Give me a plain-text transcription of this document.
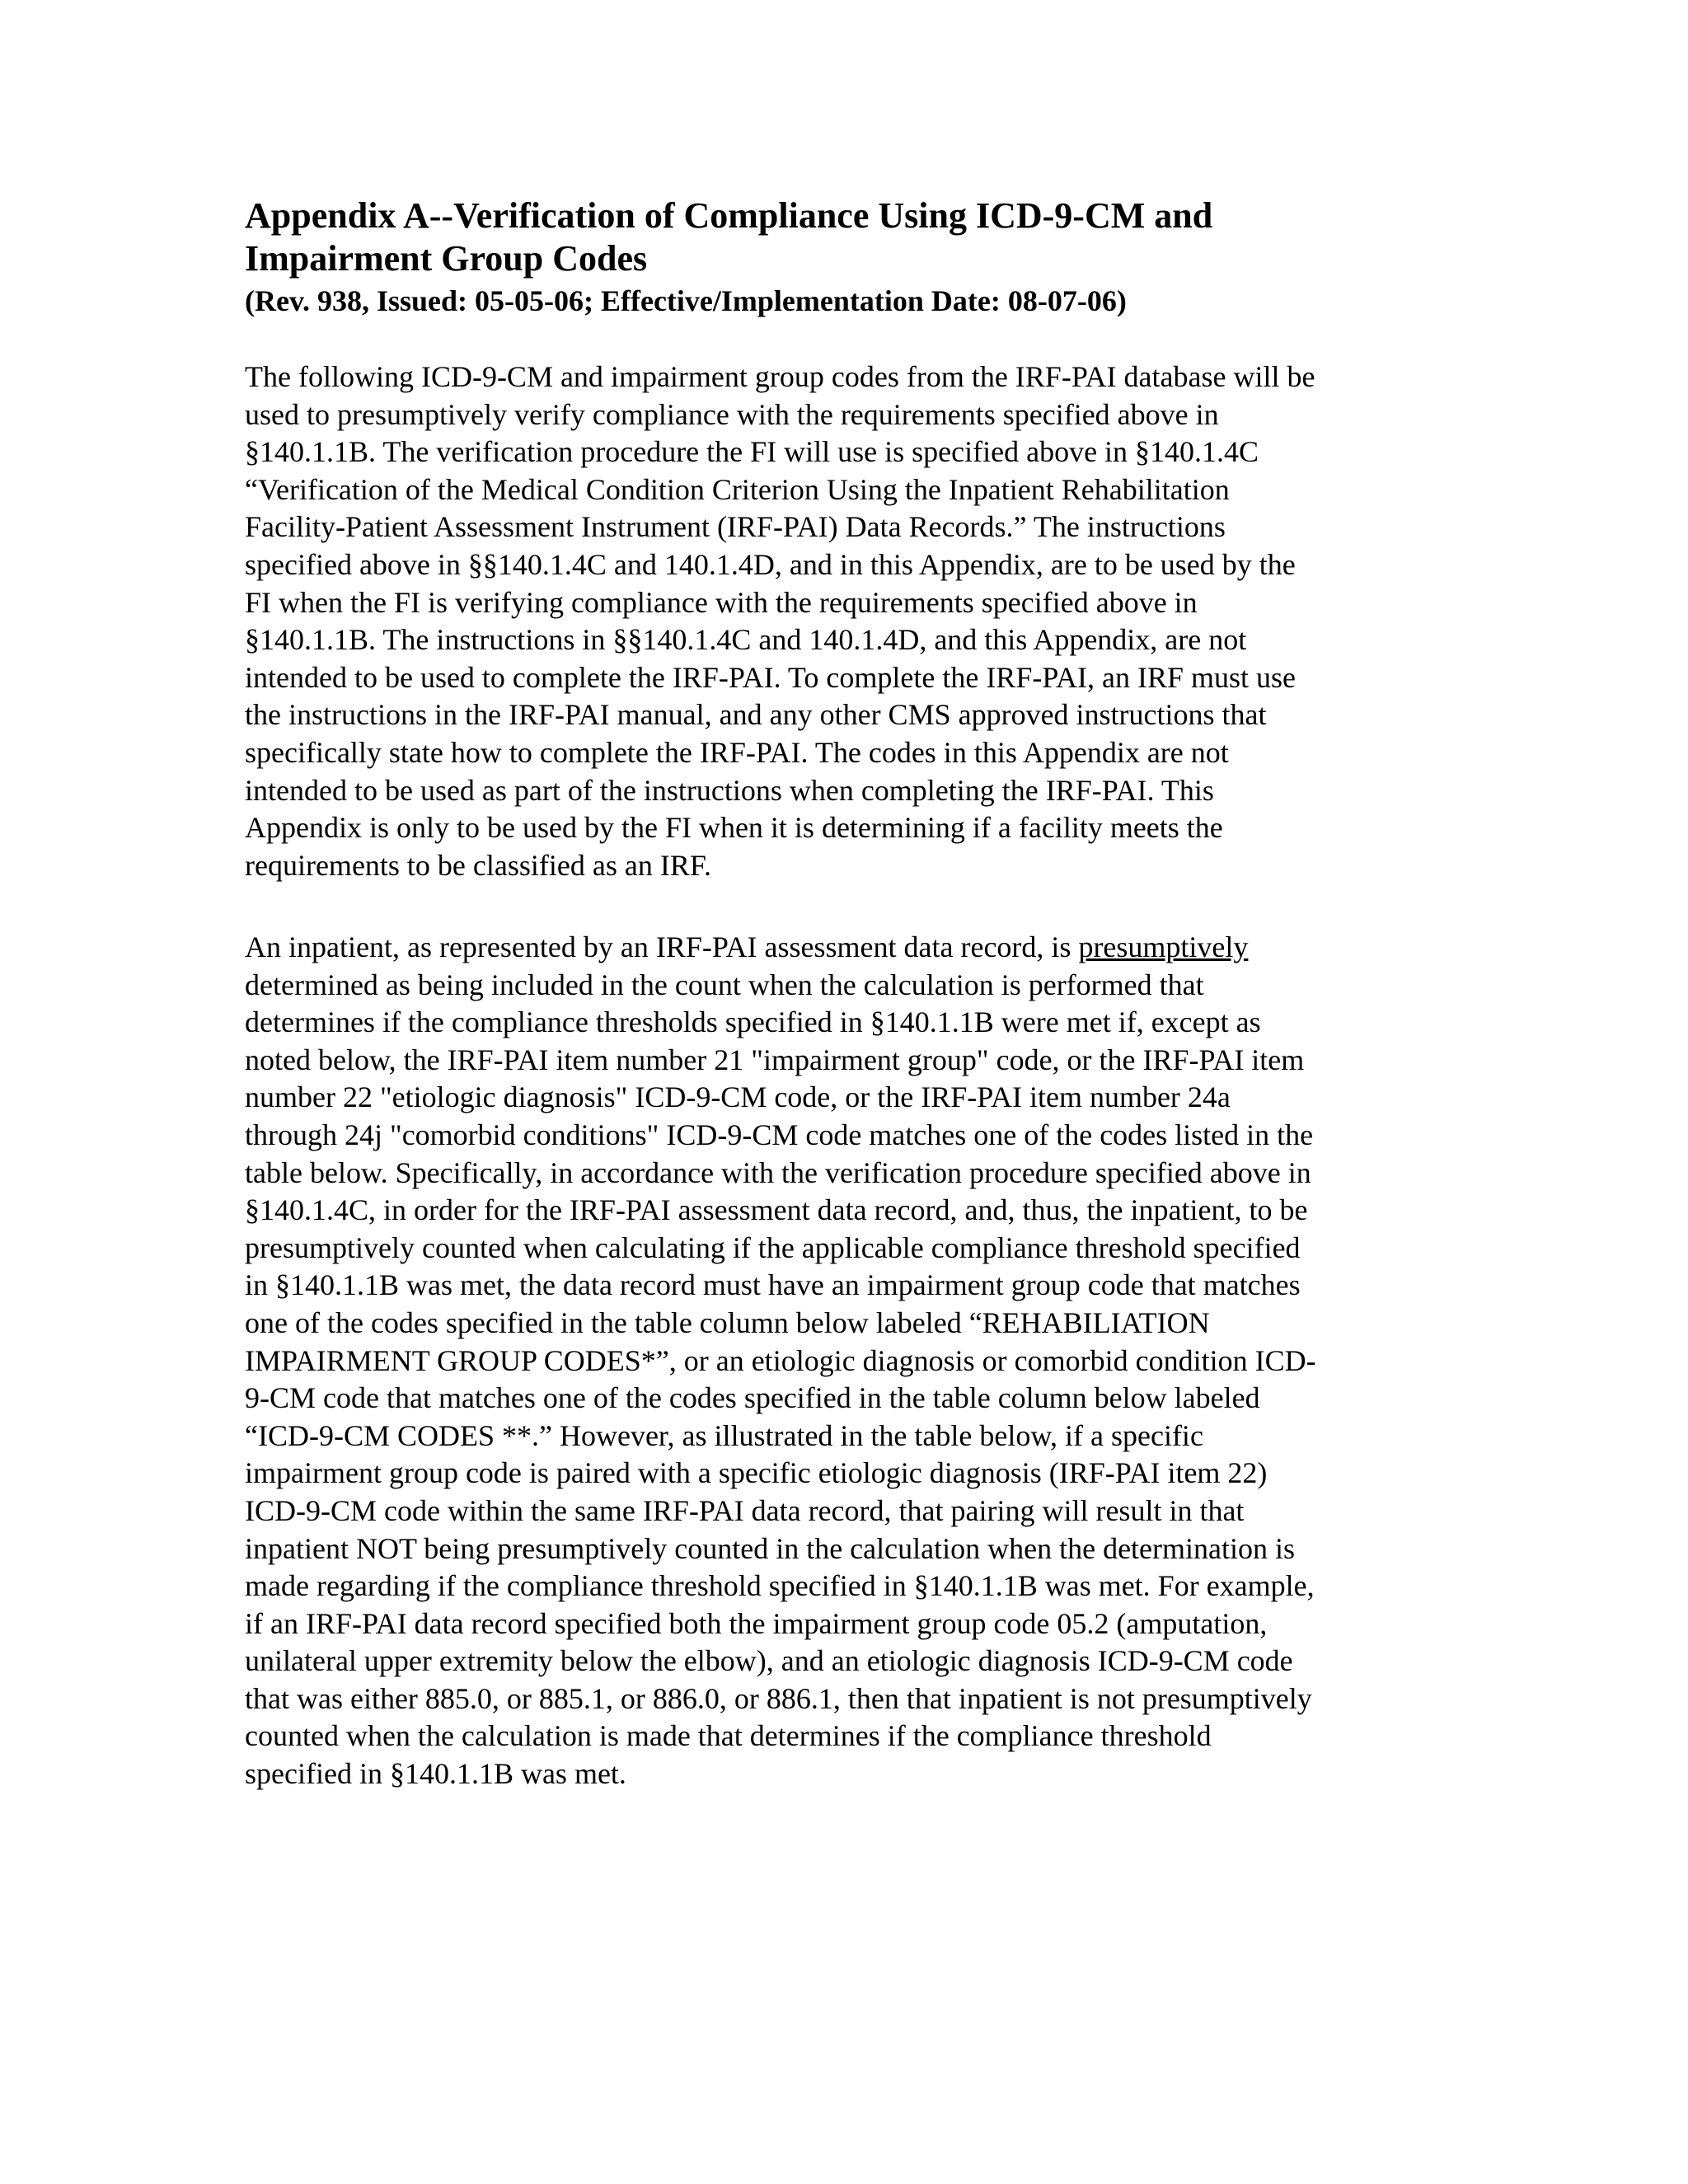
Appendix A--Verification of Compliance Using ICD-9-CM and
Impairment Group Codes

(Rev. 938, Issued: 05-05-06; Effective/Implementation Date: 08-07-06)

The following ICD-9-CM and impairment group codes from the IRF-PAI database will be
used to presumptively verify compliance with the requirements specified above in
§140.1.1B. The verification procedure the FI will use is specified above in §140.1.4C
“Verification of the Medical Condition Criterion Using the Inpatient Rehabilitation
Facility-Patient Assessment Instrument (IRF-PAI) Data Records.” The instructions
specified above in §§140.1.4C and 140.1.4D, and in this Appendix, are to be used by the
FI when the FI is verifying compliance with the requirements specified above in
§140.1.1B. The instructions in §§140.1.4C and 140.1.4D, and this Appendix, are not
intended to be used to complete the IRF-PAI. To complete the IRF-PAI, an IRF must use
the instructions in the IRF-PAI manual, and any other CMS approved instructions that
specifically state how to complete the IRF-PAI. The codes in this Appendix are not
intended to be used as part of the instructions when completing the IRF-PAI. This
Appendix is only to be used by the FI when it is determining if a facility meets the
requirements to be classified as an IRF.

An inpatient, as represented by an IRF-PAI assessment data record, is presumptively
determined as being included in the count when the calculation is performed that
determines if the compliance thresholds specified in §140.1.1B were met if, except as
noted below, the IRF-PAI item number 21 "impairment group" code, or the IRF-PAI item
number 22 "etiologic diagnosis" ICD-9-CM code, or the IRF-PAI item number 24a
through 24j "comorbid conditions" ICD-9-CM code matches one of the codes listed in the
table below. Specifically, in accordance with the verification procedure specified above in
§140.1.4C, in order for the IRF-PAI assessment data record, and, thus, the inpatient, to be
presumptively counted when calculating if the applicable compliance threshold specified
in §140.1.1B was met, the data record must have an impairment group code that matches
one of the codes specified in the table column below labeled “REHABILIATION
IMPAIRMENT GROUP CODES*”, or an etiologic diagnosis or comorbid condition ICD-
9-CM code that matches one of the codes specified in the table column below labeled
“ICD-9-CM CODES **.” However, as illustrated in the table below, if a specific
impairment group code is paired with a specific etiologic diagnosis (IRF-PAI item 22)
ICD-9-CM code within the same IRF-PAI data record, that pairing will result in that
inpatient NOT being presumptively counted in the calculation when the determination is
made regarding if the compliance threshold specified in §140.1.1B was met. For example,
if an IRF-PAI data record specified both the impairment group code 05.2 (amputation,
unilateral upper extremity below the elbow), and an etiologic diagnosis ICD-9-CM code
that was either 885.0, or 885.1, or 886.0, or 886.1, then that inpatient is not presumptively
counted when the calculation is made that determines if the compliance threshold
specified in §140.1.1B was met.
